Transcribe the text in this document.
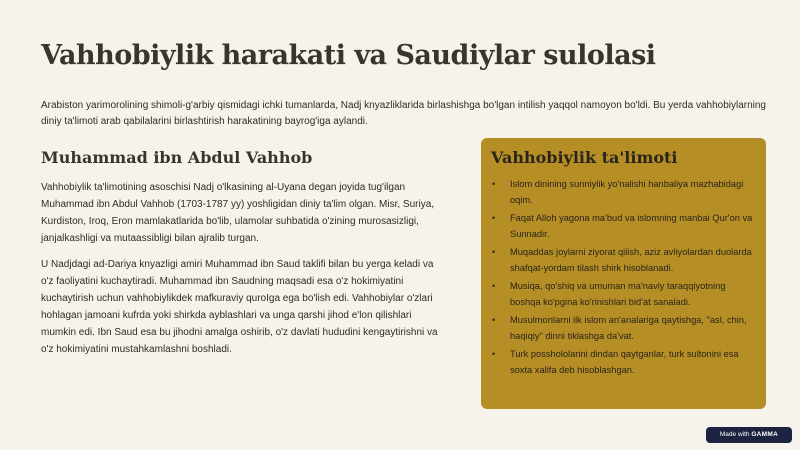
Vahhobiylik harakati va Saudiylar sulolasi

Arabiston yarimorolining shimoli-g'arbiy qismidagi ichki tumanlarda, Nadj knyazliklarida birlashishga bo'lgan intilish yaqqol namoyon bo'ldi. Bu yerda vahhobiylarning diniy ta'limoti arab qabilalarini birlashtirish harakatining bayrog'iga aylandi.

Muhammad ibn Abdul Vahhob

Vahhobiylik ta'limotining asoschisi Nadj o'lkasining al-Uyana degan joyida tug'ilgan Muhammad ibn Abdul Vahhob (1703-1787 yy) yoshligidan diniy ta'lim olgan. Misr, Suriya, Kurdiston, Iroq, Eron mamlakatlarida bo'lib, ulamolar suhbatida o'zining murosasizligi, janjalkashligi va mutaassibligi bilan ajralib turgan.

U Nadjdagi ad-Dariya knyazligi amiri Muhammad ibn Saud taklifi bilan bu yerga keladi va o'z faoliyatini kuchaytiradi. Muhammad ibn Saudning maqsadi esa o'z hokimiyatini kuchaytirish uchun vahhobiylikdek mafkuraviy quroIga ega bo'lish edi. Vahhobiylar o'zlari hohlagan jamoani kufrda yoki shirkda ayblashlari va unga qarshi jihod e'lon qilishlari mumkin edi. Ibn Saud esa bu jihodni amalga oshirib, o'z davlati hududini kengaytirishni va o'z hokimiyatini mustahkamlashni boshladi.

Vahhobiylik ta'limoti
• Islom dinining sunniylik yo'nalishi hanbaliya mazhabidagi oqim.
• Faqat Alloh yagona ma'bud va islomning manbai Qur'on va Sunnadir.
• Muqaddas joylarni ziyorat qilish, aziz avliyolardan duolarda shafqat-yordam tilash shirk hisoblanadi.
• Musiqa, qo'shiq va umuman ma'naviy taraqqiyotning boshqa ko'pgina ko'rinishlari bid'at sanaladi.
• Musulmonlarni ilk islom an'analariga qaytishga, "asl, chin, haqiqiy" dinni tiklashga da'vat.
• Turk posshololarini dindan qaytganlar, turk sultonini esa soxta xalifa deb hisoblashgan.
Made with GAMMA
